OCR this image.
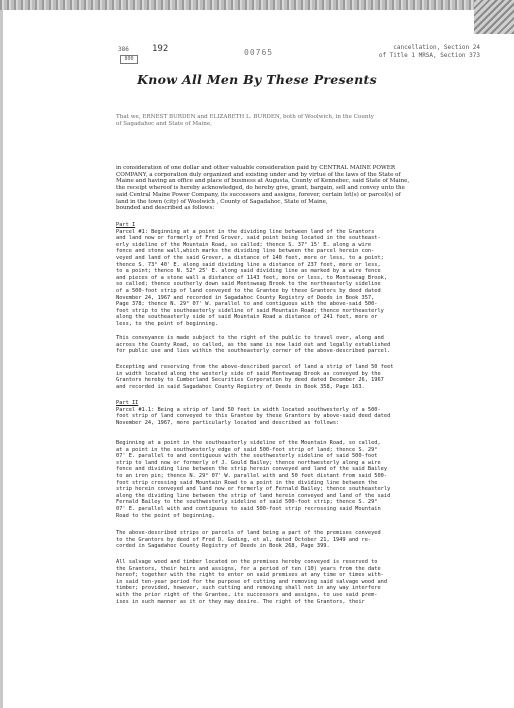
386	192
800
00765
cancellation, Section 24
of Title 1 MRSA, Section 373
Know All Men By These Presents
That we, ERNEST BURDEN and ELIZABETH L. BURDEN, both of Woolwich, in the County
of Sagadahoc and State of Maine,
in consideration of one dollar and other valuable consideration paid by CENTRAL MAINE POWER
COMPANY, a corporation duly organized and existing under and by virtue of the laws of the State of
Maine and having an office and place of business at Augusta, County of Kennebec, said State of Maine,
the receipt whereof is hereby acknowledged, do hereby give, grant, bargain, sell and convey unto the
said Central Maine Power Company, its successors and assigns, forever, certain lot(s) or parcel(s) of
land in the town (city) of Woolwich , County of Sagadahoc, State of Maine,
bounded and described as follows:
Part I
Parcel #1: Beginning at a point in the dividing line between land of the Grantors
and land now or formerly of Fred Grover, said point being located in the southeast-
erly sideline of the Mountain Road, so called; thence S. 37° 15' E. along a wire
fence and stone wall,which marks the dividing line between the parcel herein con-
veyed and land of the said Grover, a distance of 140 feet, more or less, to a point;
thence S. 73° 40' E. along said dividing line a distance of 237 feet, more or less,
to a point; thence N. 52° 25' E. along said dividing line as marked by a wire fence
and pieces of a stone wall a distance of 1143 feet, more or less, to Montsweag Brook,
so called; thence southerly down said Montsweag Brook to the northeasterly sideline
of a 500-foot strip of land conveyed to the Grantee by these Grantors by deed dated
November 24, 1967 and recorded in Sagadahoc County Registry of Deeds in Book 357,
Page 378; thence N. 29° 07' W. parallel to and contiguous with the above-said 500-
foot strip to the southeasterly sideline of said Mountain Road; thence northeasterly
along the southeasterly side of said Mountain Road a distance of 241 feet, more or
less, to the point of beginning.
This conveyance is made subject to the right of the public to travel over, along and
across the County Road, so called, as the same is now laid out and legally established
for public use and lies within the southeasterly corner of the above-described parcel.
Excepting and reserving from the above-described parcel of land a strip of land 50 feet
in width located along the westerly side of said Montsweag Brook as conveyed by the
Grantors hereby to Cumberland Securities Corporation by deed dated December 26, 1967
and recorded in said Sagadahoc County Registry of Deeds in Book 358, Page 163.
Part II
Parcel #1.1: Being a strip of land 50 feet in width located southwesterly of a 500-
foot strip of land conveyed to this Grantee by these Grantors by above-said deed dated
November 24, 1967, more particularly located and described as follows:
Beginning at a point in the southeasterly sideline of the Mountain Road, so called,
at a point in the southwesterly edge of said 500-foot strip of land; thence S. 29°
07' E. parallel to and contiguous with the southwesterly sideline of said 500-foot
strip to land now or formerly of J. Gould Bailey; thence northwesterly along a wire
fence and dividing line between the strip herein conveyed and land of the said Bailey
to an iron pin; thence N. 29° 07' W. parallel with and 50 feet distant from said 500-
foot strip crossing said Mountain Road to a point in the dividing line between the
strip herein conveyed and land now or formerly of Fernald Bailey; thence southeasterly
along the dividing line between the strip of land herein conveyed and land of the said
Fernald Bailey to the southwesterly sideline of said 500-foot strip; thence S. 29°
07' E. parallel with and contiguous to said 500-foot strip recrossing said Mountain
Road to the point of beginning.
The above-described strips or parcels of land being a part of the premises conveyed
to the Grantors by deed of Fred D. Goding, et al, dated October 21, 1949 and re-
corded in Sagadahoc County Registry of Deeds in Book 268, Page 399.
All salvage wood and timber located on the premises hereby conveyed is reserved to
the Grantors, their heirs and assigns, for a period of ten (10) years from the date
hereof; together with the right to enter on said premises at any time or times with-
in said ten-year period for the purpose of cutting and removing said salvage wood and
timber; provided, however, such cutting and removing shall not in any way interfere
with the prior right of the Grantee, its successors and assigns, to use said prem-
ises in such manner as it or they may desire. The right of the Grantors, their
